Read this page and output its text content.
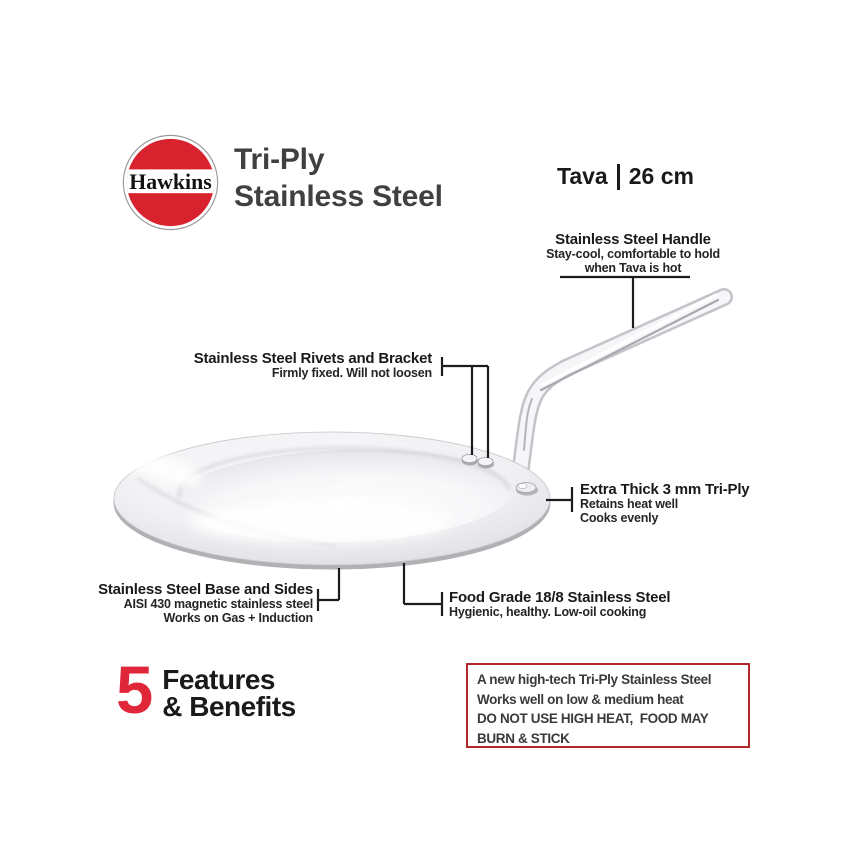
Hawkins
Tri-Ply
Stainless Steel
Tava 26 cm
Stainless Steel Handle
Stay-cool, comfortable to hold
when Tava is hot
Stainless Steel Rivets and Bracket
Firmly fixed. Will not loosen
Extra Thick 3 mm Tri-Ply
Retains heat well
Cooks evenly
Stainless Steel Base and Sides
AISI 430 magnetic stainless steel
Works on Gas + Induction
Food Grade 18/8 Stainless Steel
Hygienic, healthy. Low-oil cooking
5 Features
& Benefits
A new high-tech Tri-Ply Stainless Steel
Works well on low & medium heat
DO NOT USE HIGH HEAT,  FOOD MAY
BURN & STICK
